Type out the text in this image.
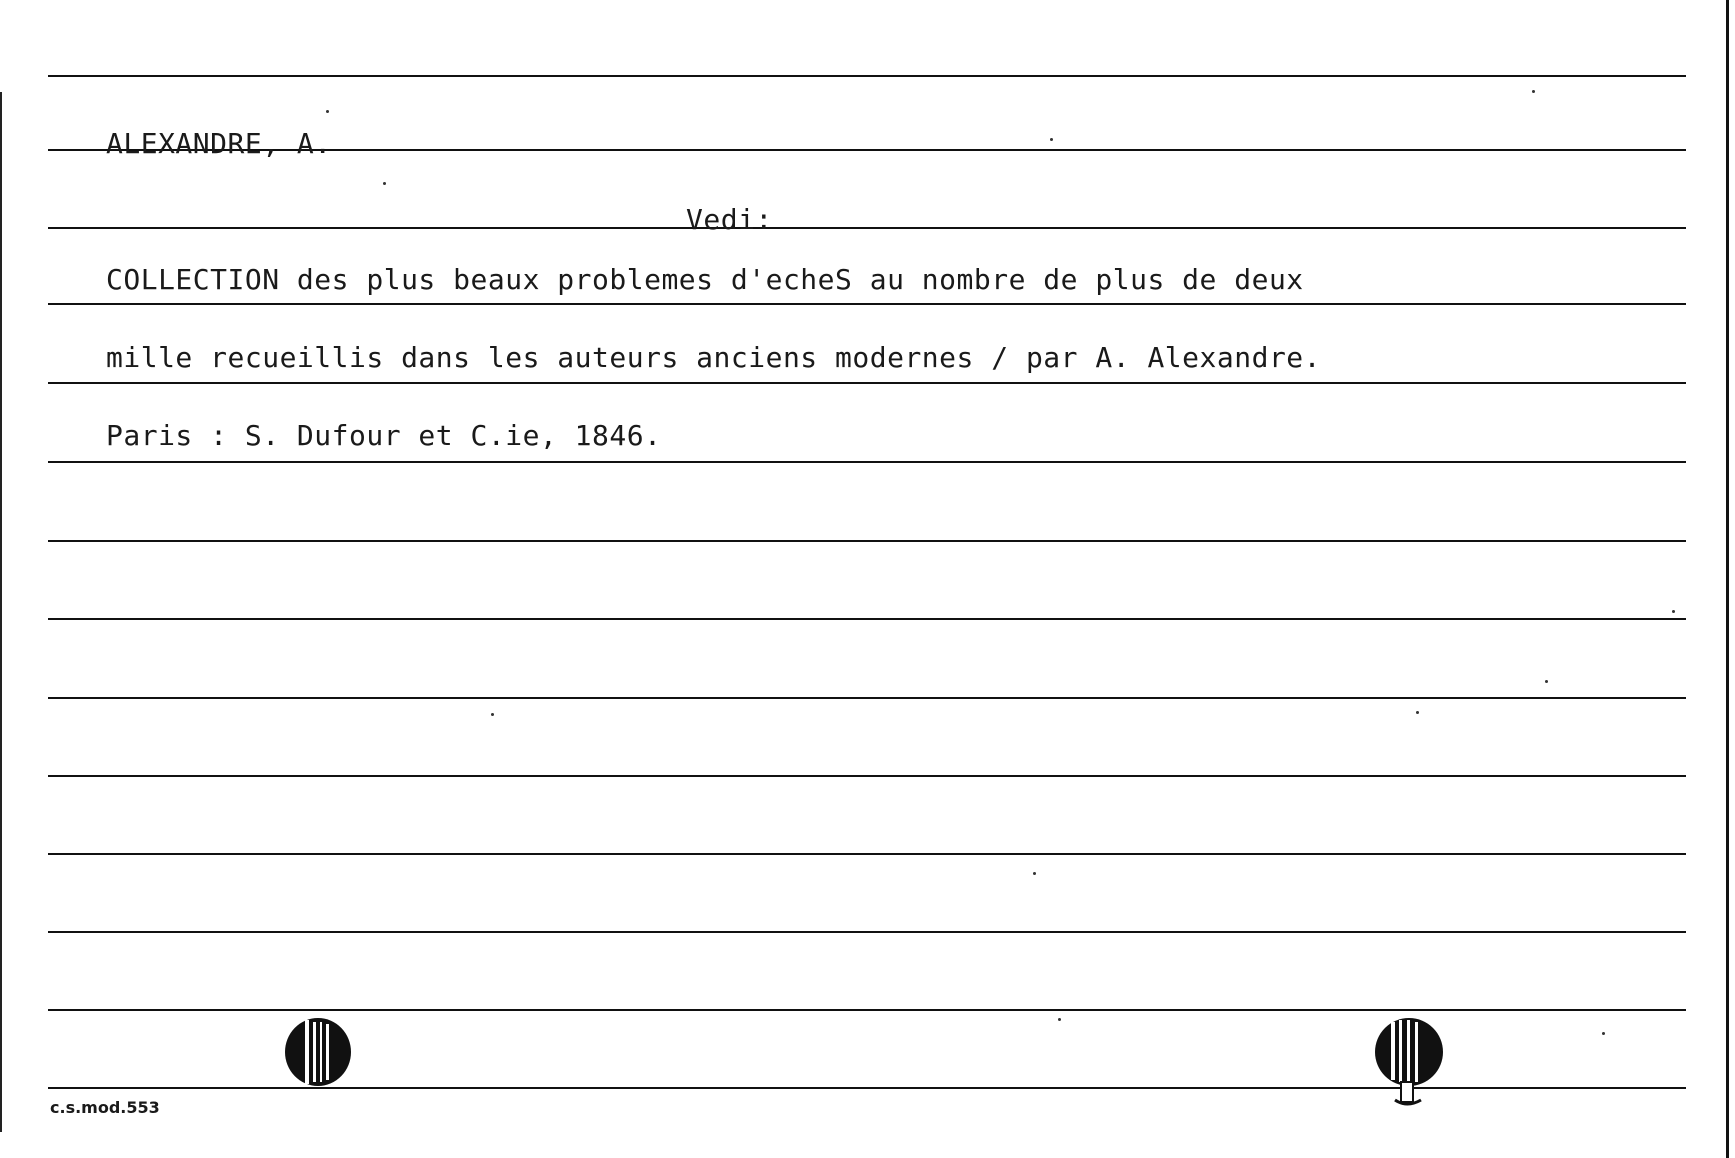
ALEXANDRE, A.
Vedi:
COLLECTION des plus beaux problemes d'echeS au nombre de plus de deux
mille recueillis dans les auteurs anciens modernes / par A. Alexandre.
Paris : S. Dufour et C.ie, 1846.
c.s.mod.553
